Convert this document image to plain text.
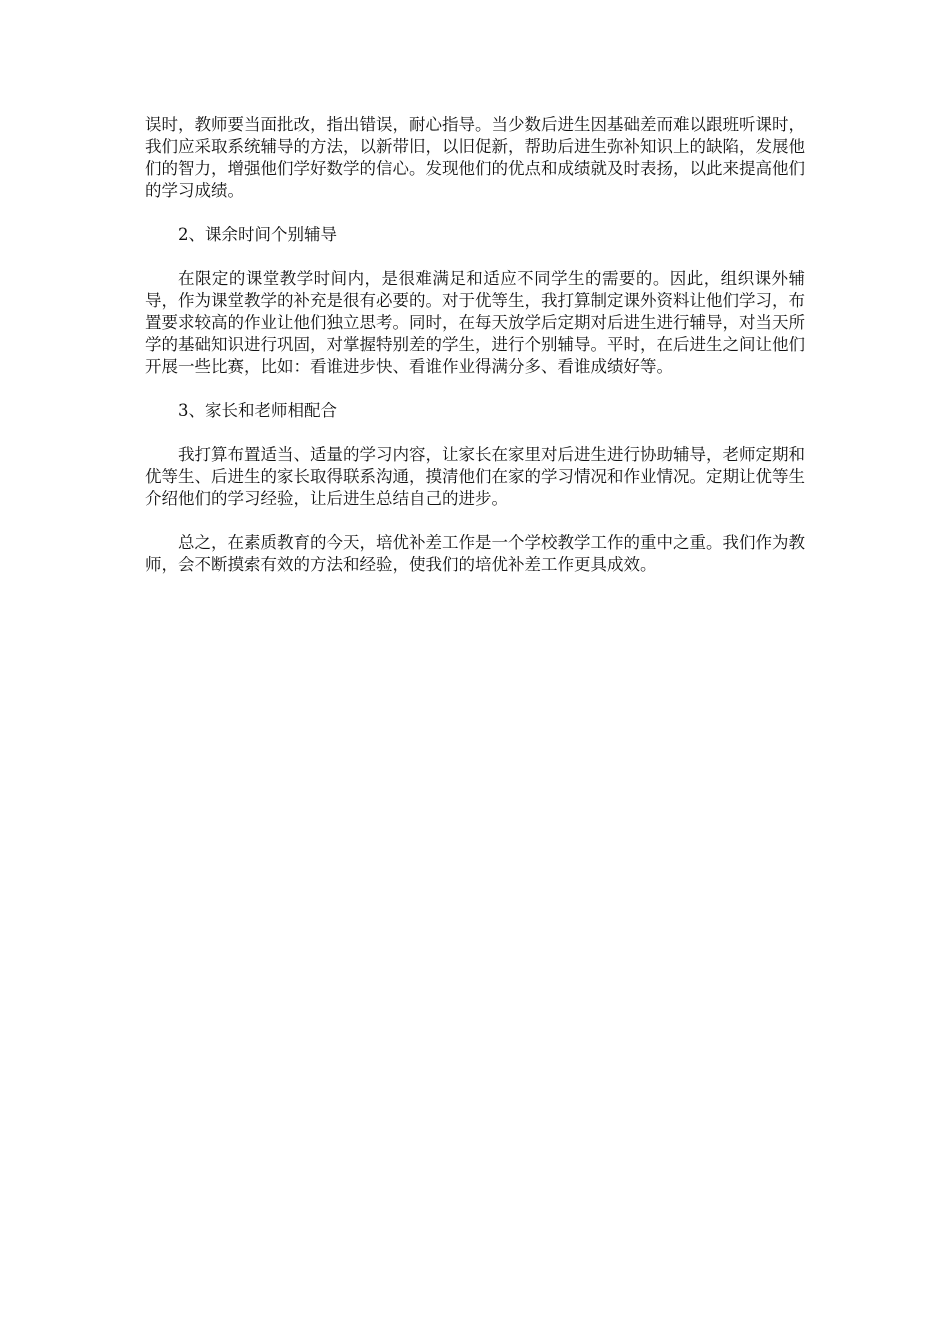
误时，教师要当面批改，指出错误，耐心指导。当少数后进生因基础差而难以跟班听课时，我们应采取系统辅导的方法，以新带旧，以旧促新，帮助后进生弥补知识上的缺陷，发展他们的智力，增强他们学好数学的信心。发现他们的优点和成绩就及时表扬，以此来提高他们的学习成绩。

2、课余时间个别辅导

在限定的课堂教学时间内，是很难满足和适应不同学生的需要的。因此，组织课外辅导，作为课堂教学的补充是很有必要的。对于优等生，我打算制定课外资料让他们学习，布置要求较高的作业让他们独立思考。同时，在每天放学后定期对后进生进行辅导，对当天所学的基础知识进行巩固，对掌握特别差的学生，进行个别辅导。平时，在后进生之间让他们开展一些比赛，比如：看谁进步快、看谁作业得满分多、看谁成绩好等。

3、家长和老师相配合

我打算布置适当、适量的学习内容，让家长在家里对后进生进行协助辅导，老师定期和优等生、后进生的家长取得联系沟通，摸清他们在家的学习情况和作业情况。定期让优等生介绍他们的学习经验，让后进生总结自己的进步。

总之，在素质教育的今天，培优补差工作是一个学校教学工作的重中之重。我们作为教师，会不断摸索有效的方法和经验，使我们的培优补差工作更具成效。
